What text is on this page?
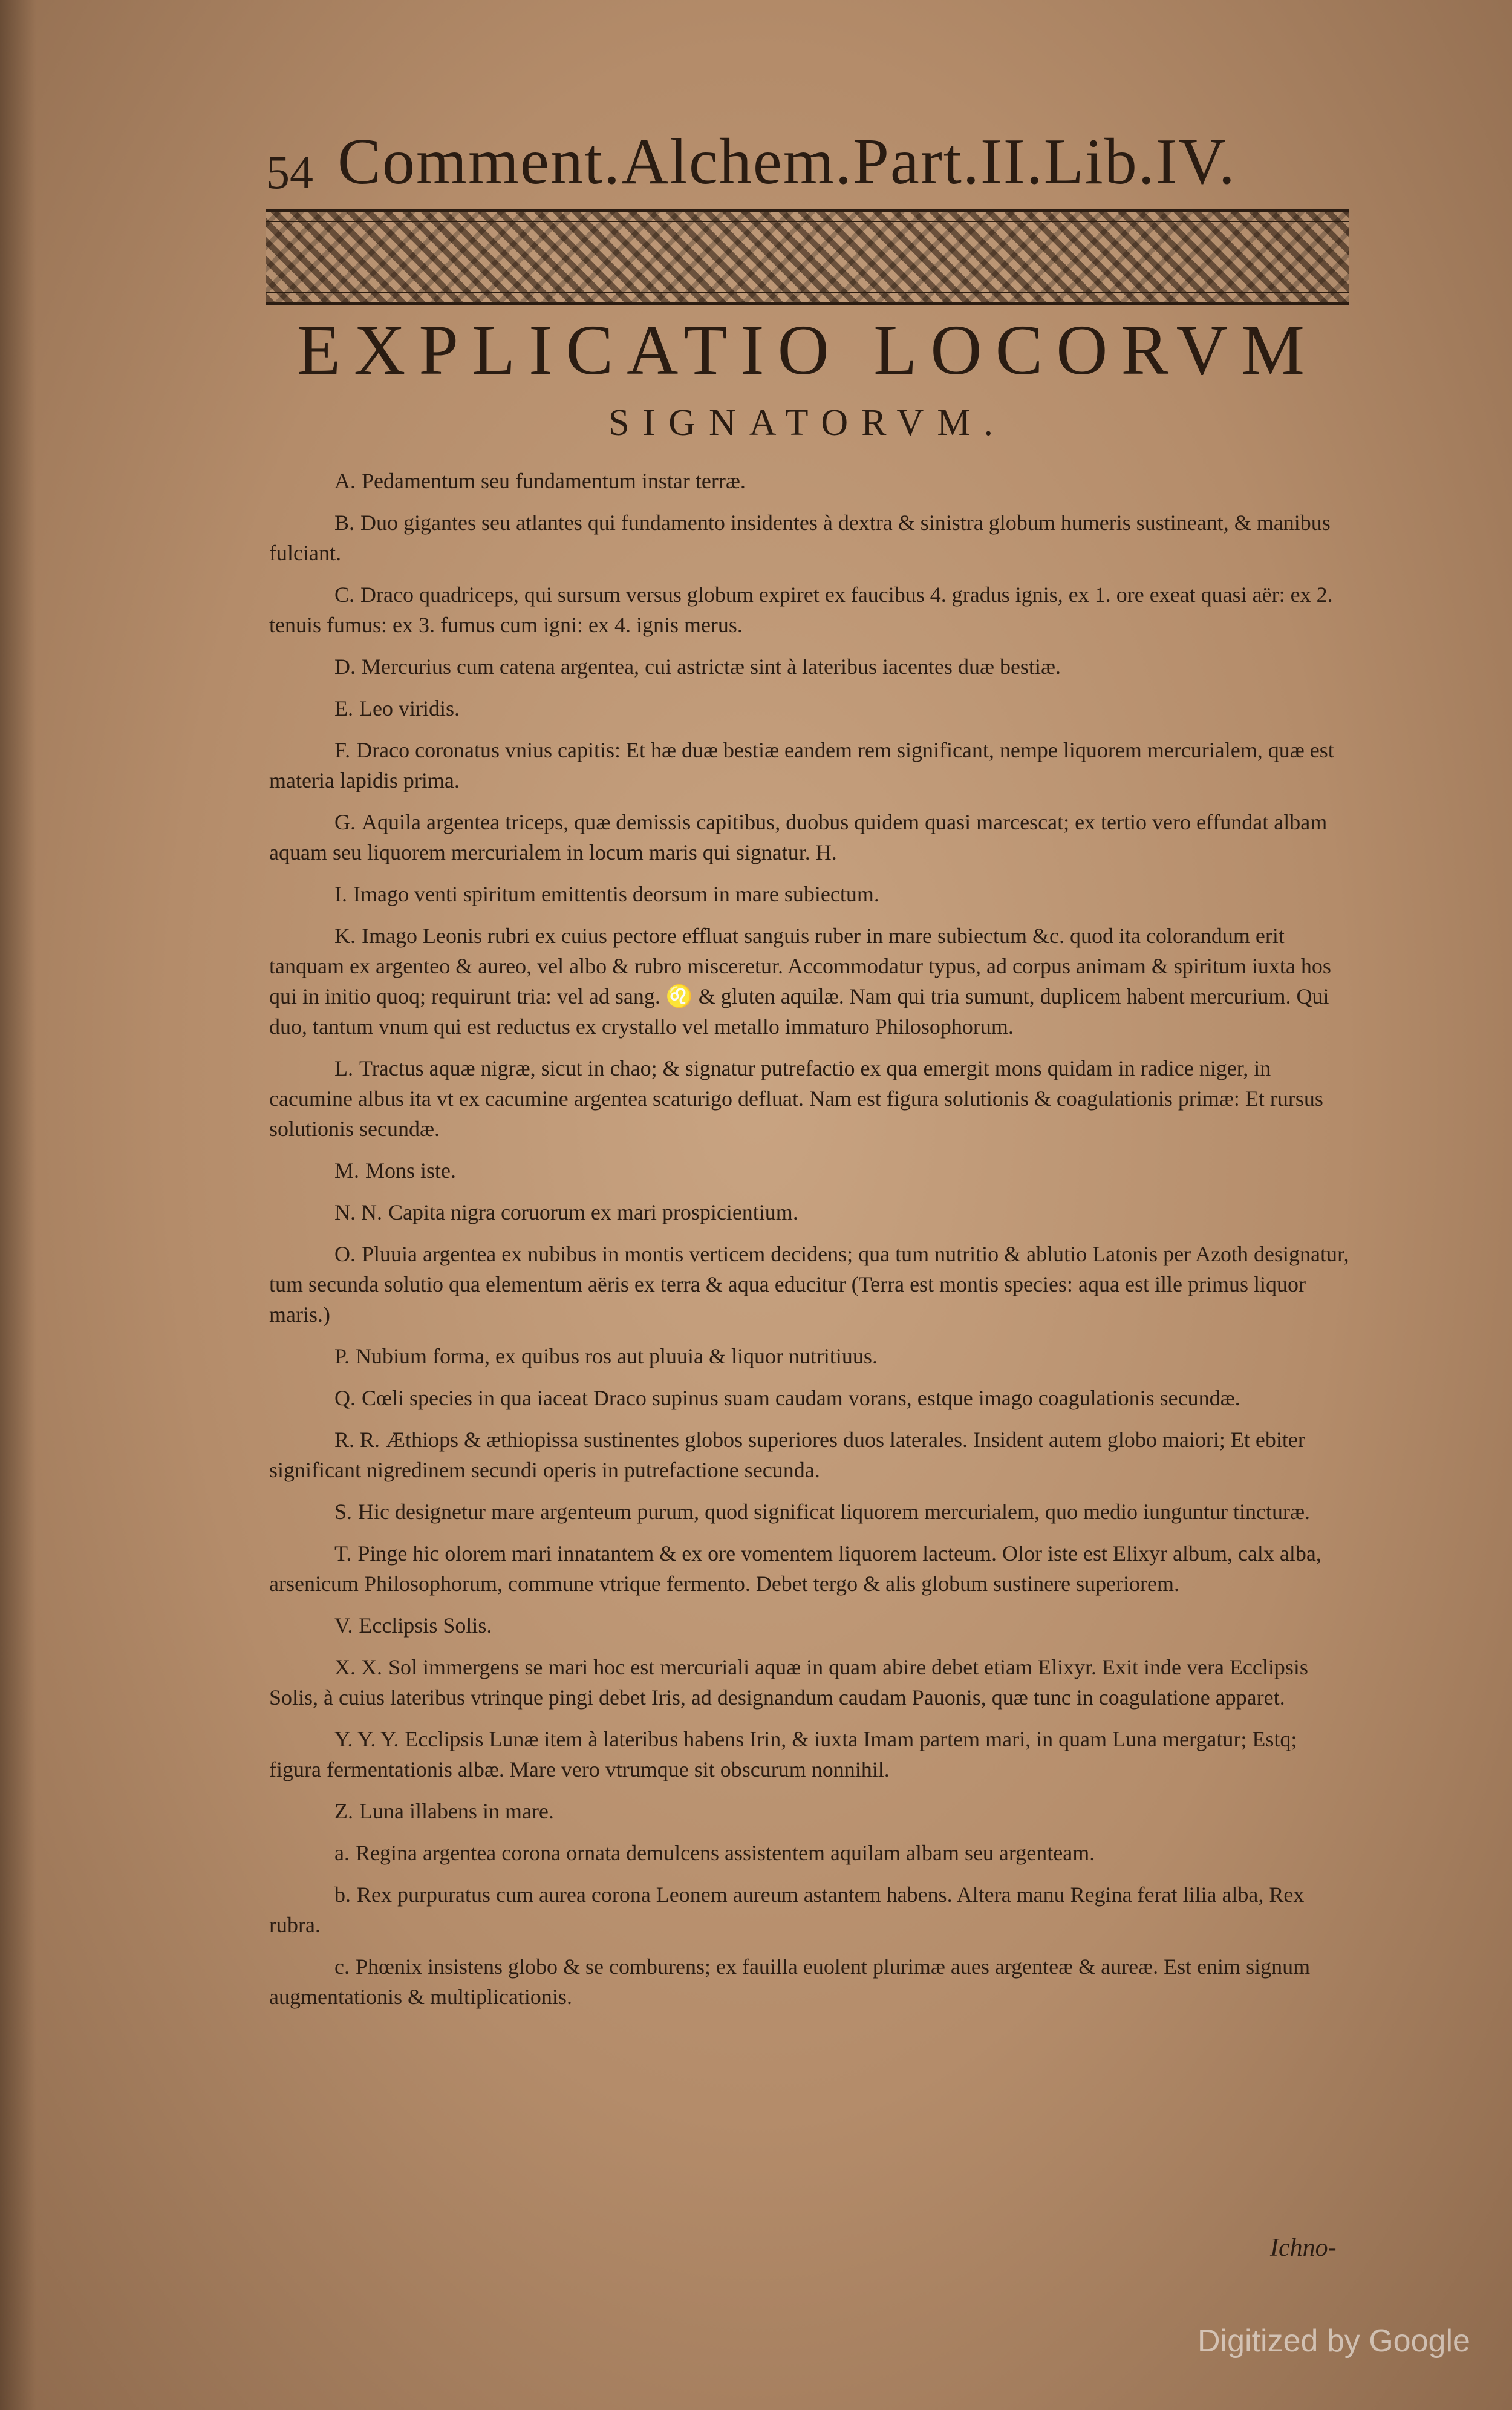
54 Comment.Alchem.Part.II.Lib.IV.
EXPLICATIO LOCORVM
SIGNATORVM.

A. Pedamentum seu fundamentum instar terræ.

B. Duo gigantes seu atlantes qui fundamento insidentes à dextra & sinistra globum humeris sustineant, & manibus fulciant.

C. Draco quadriceps, qui sursum versus globum expiret ex faucibus 4. gradus ignis, ex 1. ore exeat quasi aër: ex 2. tenuis fumus: ex 3. fumus cum igni: ex 4. ignis merus.

D. Mercurius cum catena argentea, cui astrictæ sint à lateribus iacentes duæ bestiæ.

E. Leo viridis.

F. Draco coronatus vnius capitis: Et hæ duæ bestiæ eandem rem significant, nempe liquorem mercurialem, quæ est materia lapidis prima.

G. Aquila argentea triceps, quæ demissis capitibus, duobus quidem quasi marcescat; ex tertio vero effundat albam aquam seu liquorem mercurialem in locum maris qui signatur. H.

I. Imago venti spiritum emittentis deorsum in mare subiectum.

K. Imago Leonis rubri ex cuius pectore effluat sanguis ruber in mare subiectum &c. quod ita colorandum erit tanquam ex argenteo & aureo, vel albo & rubro misceretur. Accommodatur typus, ad corpus animam & spiritum iuxta hos qui in initio quoq; requirunt tria: vel ad sang. ♌ & gluten aquilæ. Nam qui tria sumunt, duplicem habent mercurium. Qui duo, tantum vnum qui est reductus ex crystallo vel metallo immaturo Philosophorum.

L. Tractus aquæ nigræ, sicut in chao; & signatur putrefactio ex qua emergit mons quidam in radice niger, in cacumine albus ita vt ex cacumine argentea scaturigo defluat. Nam est figura solutionis & coagulationis primæ: Et rursus solutionis secundæ.

M. Mons iste.

N. N. Capita nigra coruorum ex mari prospicientium.

O. Pluuia argentea ex nubibus in montis verticem decidens; qua tum nutritio & ablutio Latonis per Azoth designatur, tum secunda solutio qua elementum aëris ex terra & aqua educitur (Terra est montis species: aqua est ille primus liquor maris.)

P. Nubium forma, ex quibus ros aut pluuia & liquor nutritiuus.

Q. Cœli species in qua iaceat Draco supinus suam caudam vorans, estque imago coagulationis secundæ.

R. R. Æthiops & æthiopissa sustinentes globos superiores duos laterales. Insident autem globo maiori; Et ebiter significant nigredinem secundi operis in putrefactione secunda.

S. Hic designetur mare argenteum purum, quod significat liquorem mercurialem, quo medio iunguntur tincturæ.

T. Pinge hic olorem mari innatantem & ex ore vomentem liquorem lacteum. Olor iste est Elixyr album, calx alba, arsenicum Philosophorum, commune vtrique fermento. Debet tergo & alis globum sustinere superiorem.

V. Ecclipsis Solis.

X. X. Sol immergens se mari hoc est mercuriali aquæ in quam abire debet etiam Elixyr. Exit inde vera Ecclipsis Solis, à cuius lateribus vtrinque pingi debet Iris, ad designandum caudam Pauonis, quæ tunc in coagulatione apparet.

Y. Y. Y. Ecclipsis Lunæ item à lateribus habens Irin, & iuxta Imam partem mari, in quam Luna mergatur; Estq; figura fermentationis albæ. Mare vero vtrumque sit obscurum nonnihil.

Z. Luna illabens in mare.

a. Regina argentea corona ornata demulcens assistentem aquilam albam seu argenteam.

b. Rex purpuratus cum aurea corona Leonem aureum astantem habens. Altera manu Regina ferat lilia alba, Rex rubra.

c. Phœnix insistens globo & se comburens; ex fauilla euolent plurimæ aues argenteæ & aureæ. Est enim signum augmentationis & multiplicationis.

Ichno-
Digitized by Google
